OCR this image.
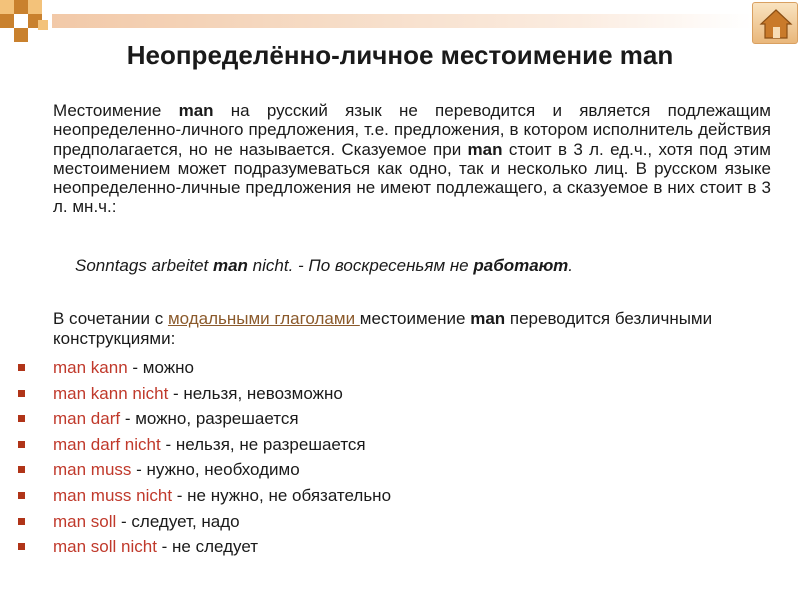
Неопределённо-личное местоимение man
Местоимение man на русский язык не переводится и является подлежащим неопределенно-личного предложения, т.е. предложения, в котором исполнитель действия предполагается, но не называется. Сказуемое при man стоит в 3 л. ед.ч., хотя под этим местоимением может подразумеваться как одно, так и несколько лиц. В русском языке неопределенно-личные предложения не имеют подлежащего, а сказуемое в них стоит в 3 л. мн.ч.:
Sonntags arbeitet man nicht. - По воскресеньям не работают.
В сочетании с модальными глаголами местоимение man переводится безличными конструкциями:
man kann - можно
man kann nicht - нельзя, невозможно
man darf - можно, разрешается
man darf nicht - нельзя, не разрешается
man muss - нужно, необходимо
man muss nicht - не нужно, не обязательно
man soll - следует, надо
man soll nicht - не следует
